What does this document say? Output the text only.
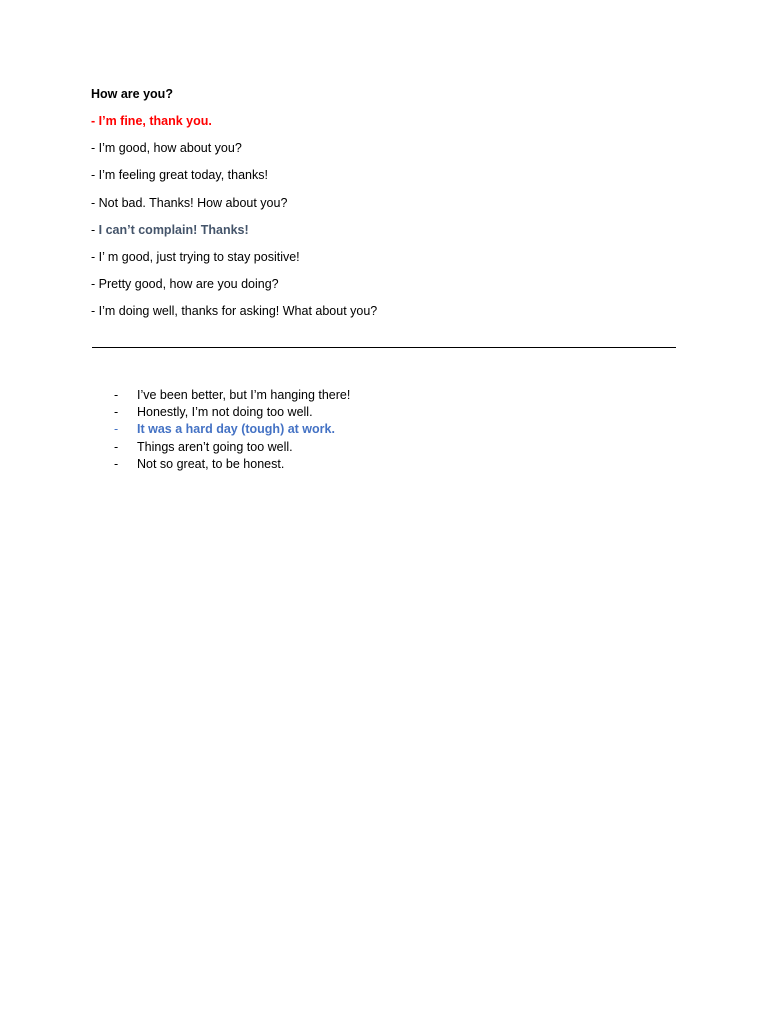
How are you?
- I’m fine, thank you.
- I’m good, how about you?
- I’m feeling great today, thanks!
- Not bad. Thanks! How about you?
- I can’t complain! Thanks!
- I’ m good, just trying to stay positive!
- Pretty good, how are you doing?
- I’m doing well, thanks for asking! What about you?
-	I’ve been better, but I’m hanging there!
-	Honestly, I’m not doing too well.
-	It was a hard day (tough) at work.
-	Things aren’t going too well.
-	Not so great, to be honest.
